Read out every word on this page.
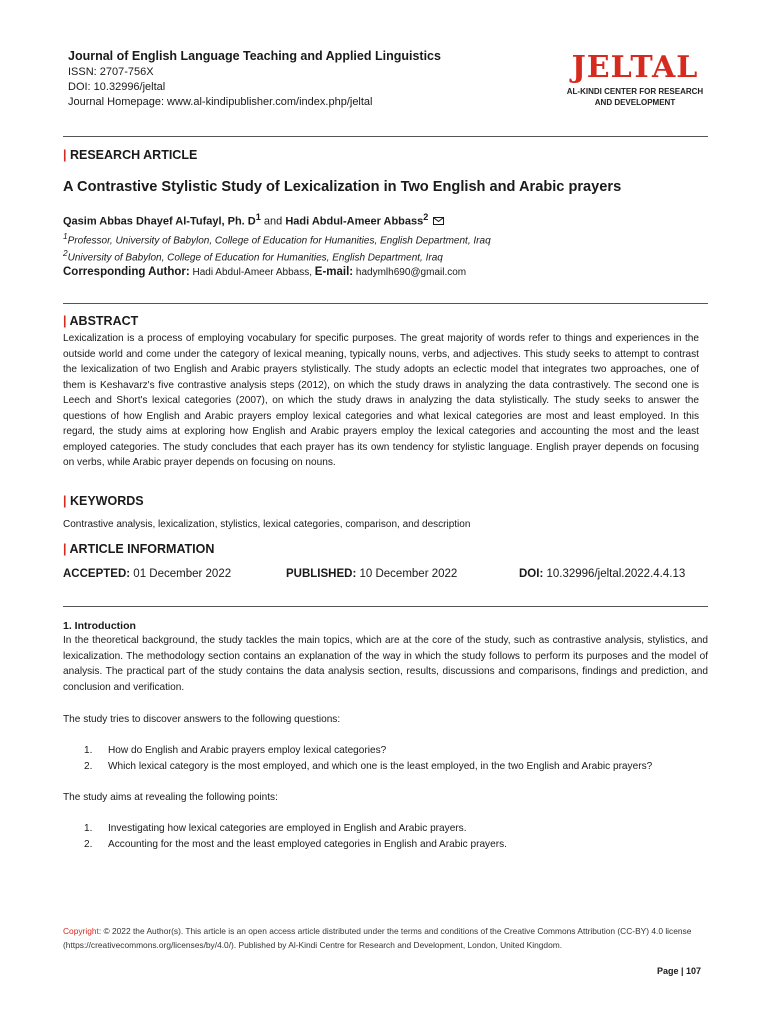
Journal of English Language Teaching and Applied Linguistics
ISSN: 2707-756X
DOI: 10.32996/jeltal
Journal Homepage: www.al-kindipublisher.com/index.php/jeltal
JELTAL
AL-KINDI CENTER FOR RESEARCH
AND DEVELOPMENT
| RESEARCH ARTICLE
A Contrastive Stylistic Study of Lexicalization in Two English and Arabic prayers
Qasim Abbas Dhayef Al-Tufayl, Ph. $D^1$ and Hadi Abdul-Ameer Abbass$^2$
$^1$Professor, University of Babylon, College of Education for Humanities, English Department, Iraq
$^2$University of Babylon, College of Education for Humanities, English Department, Iraq
Corresponding Author: Hadi Abdul-Ameer Abbass, E-mail: hadymlh690@gmail.com
| ABSTRACT
Lexicalization is a process of employing vocabulary for specific purposes. The great majority of words refer to things and experiences in the outside world and come under the category of lexical meaning, typically nouns, verbs, and adjectives. This study seeks to attempt to contrast the lexicalization of two English and Arabic prayers stylistically. The study adopts an eclectic model that integrates two approaches, one of them is Keshavarz's five contrastive analysis steps (2012), on which the study draws in analyzing the data contrastively. The second one is Leech and Short's lexical categories (2007), on which the study draws in analyzing the data stylistically. The study seeks to answer the questions of how English and Arabic prayers employ lexical categories and what lexical categories are most and least employed. In this regard, the study aims at exploring how English and Arabic prayers employ the lexical categories and accounting the most and the least employed categories. The study concludes that each prayer has its own tendency for stylistic language. English prayer depends on focusing on verbs, while Arabic prayer depends on focusing on nouns.
| KEYWORDS
Contrastive analysis, lexicalization, stylistics, lexical categories, comparison, and description
| ARTICLE INFORMATION
ACCEPTED: 01 December 2022	PUBLISHED: 10 December 2022	DOI: 10.32996/jeltal.2022.4.4.13
1. Introduction
In the theoretical background, the study tackles the main topics, which are at the core of the study, such as contrastive analysis, stylistics, and lexicalization. The methodology section contains an explanation of the way in which the study follows to perform its purposes and the model of analysis. The practical part of the study contains the data analysis section, results, discussions and comparisons, findings and prediction, and conclusion and verification.
The study tries to discover answers to the following questions:
1.	How do English and Arabic prayers employ lexical categories?
2.	Which lexical category is the most employed, and which one is the least employed, in the two English and Arabic prayers?
The study aims at revealing the following points:
1.	Investigating how lexical categories are employed in English and Arabic prayers.
2.	Accounting for the most and the least employed categories in English and Arabic prayers.
Copyright: © 2022 the Author(s). This article is an open access article distributed under the terms and conditions of the Creative Commons Attribution (CC-BY) 4.0 license (https://creativecommons.org/licenses/by/4.0/). Published by Al-Kindi Centre for Research and Development, London, United Kingdom.
Page | 107
